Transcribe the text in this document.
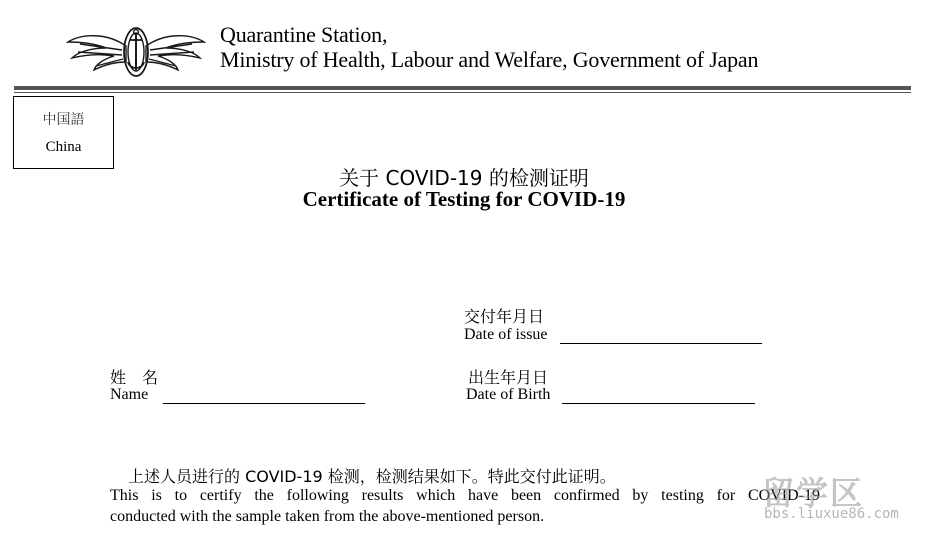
Quarantine Station,
Ministry of Health, Labour and Welfare, Government of Japan
中国語
China
关于 COVID-19 的检测证明
Certificate of Testing for COVID-19
交付年月日
Date of issue
姓　名
Name
出生年月日
Date of Birth
上述人员进行的 COVID-19 检测，检测结果如下。特此交付此证明。
This is to certify the following results which have been confirmed by testing for COVID-19
conducted with the sample taken from the above-mentioned person.
留学区
bbs.liuxue86.com
